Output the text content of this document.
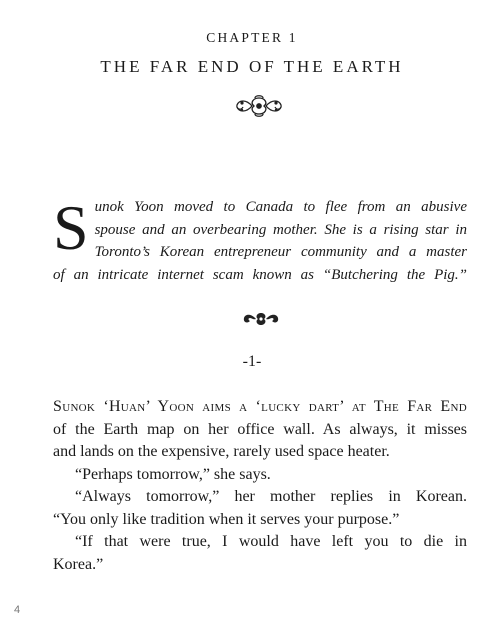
CHAPTER 1
THE FAR END OF THE EARTH
S unok Yoon moved to Canada to flee from an abusive
spouse and an overbearing mother. She is a rising star in
Toronto’s Korean entrepreneur community and a master
of an intricate internet scam known as “Butchering the Pig.”
-1-
Sunok ‘Huan’ Yoon aims a ‘lucky dart’ at The Far End
of the Earth map on her office wall. As always, it misses
and lands on the expensive, rarely used space heater.
“Perhaps tomorrow,” she says.
“Always tomorrow,” her mother replies in Korean.
“You only like tradition when it serves your purpose.”
“If that were true, I would have left you to die in
Korea.”
4
